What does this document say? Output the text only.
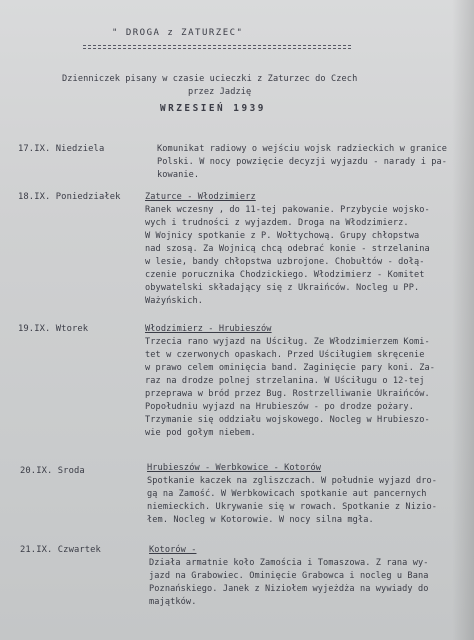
" DROGA z ZATURZEC"
Dzienniczek pisany w czasie ucieczki z Zaturzec do Czech
przez Jadzię
WRZESIEŃ 1939
17.IX. Niedziela	Komunikat radiowy o wejściu wojsk radzieckich w granice
Polski. W nocy powzięcie decyzji wyjazdu - narady i pa-
kowanie.
18.IX. Poniedziałek	Zaturce - Włodzimierz
Ranek wczesny , do 11-tej pakowanie. Przybycie wojsko-
wych i trudności z wyjazdem. Droga na Włodzimierz.
W Wojnicy spotkanie z P. Wołtychową. Grupy chłopstwa
nad szosą. Za Wojnicą chcą odebrać konie - strzelanina
w lesie, bandy chłopstwa uzbrojone. Chobułtów - dołą-
czenie porucznika Chodzickiego. Włodzimierz - Komitet
obywatelski składający się z Ukraińców. Nocleg u PP.
Ważyńskich.
19.IX. Wtorek	Włodzimierz - Hrubieszów
Trzecia rano wyjazd na Uściług. Ze Włodzimierzem Komi-
tet w czerwonych opaskach. Przed Uściługiem skręcenie
w prawo celem ominięcia band. Zaginięcie pary koni. Za-
raz na drodze polnej strzelanina. W Uściługu o 12-tej
przeprawa w bród przez Bug. Rostrzelliwanie Ukraińców.
Popołudniu wyjazd na Hrubieszów - po drodze pożary.
Trzymanie się oddziału wojskowego. Nocleg w Hrubieszo-
wie pod gołym niebem.
20.IX. Sroda	Hrubieszów - Werbkowice - Kotorów
Spotkanie kaczek na zgliszczach. W południe wyjazd dro-
gą na Zamość. W Werbkowicach spotkanie aut pancernych
niemieckich. Ukrywanie się w rowach. Spotkanie z Nizio-
łem. Nocleg w Kotorowie. W nocy silna mgła.
21.IX. Czwartek	Kotorów -
Działa armatnie koło Zamościa i Tomaszowa. Z rana wy-
jazd na Grabowiec. Ominięcie Grabowca i nocleg u Bana
Poznańskiego. Janek z Niziołem wyjeżdża na wywiady do
majątków.
